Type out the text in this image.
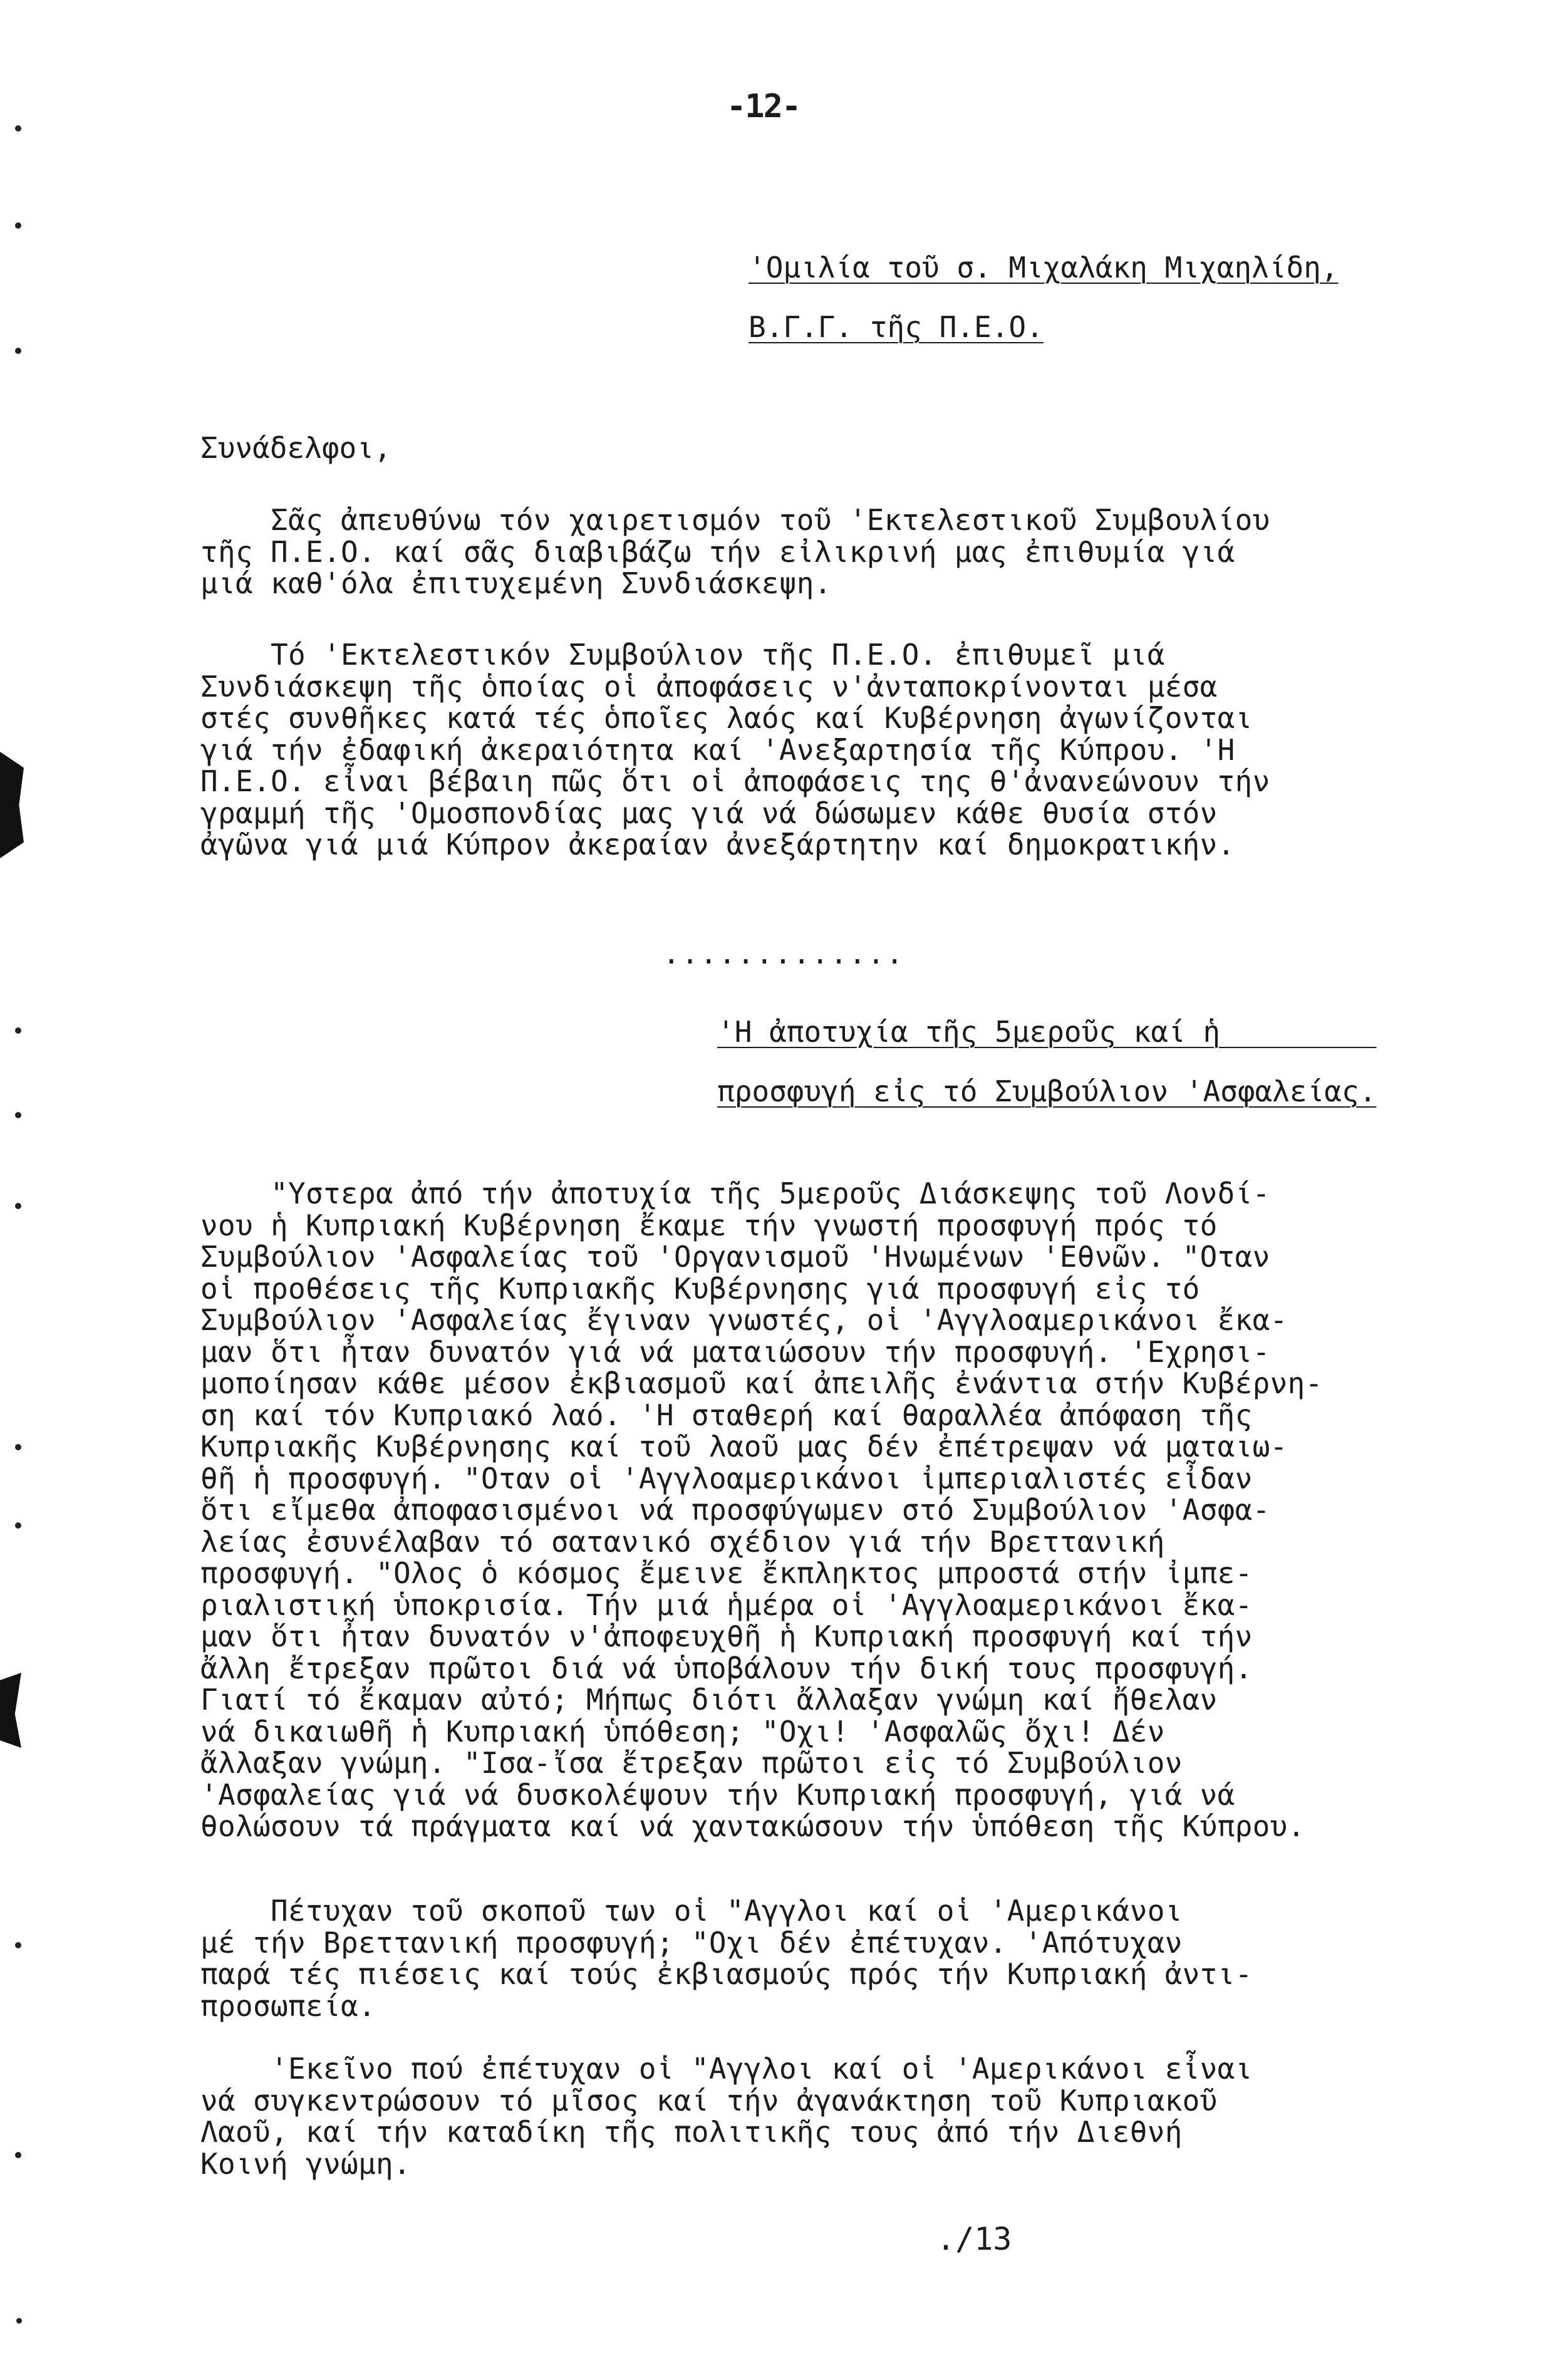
-12-
'Ομιλία τοῦ σ. Μιχαλάκη Μιχαηλίδη,
Β.Γ.Γ. τῆς Π.Ε.Ο.
Συνάδελφοι,
Σᾶς ἀπευθύνω τόν χαιρετισμόν τοῦ 'Εκτελεστικοῦ Συμβουλίου
τῆς Π.Ε.Ο. καί σᾶς διαβιβάζω τήν εἰλικρινή μας ἐπιθυμία γιά
μιά καθ'όλα ἐπιτυχεμένη Συνδιάσκεψη.
Τό 'Εκτελεστικόν Συμβούλιον τῆς Π.Ε.Ο. ἐπιθυμεῖ μιά
Συνδιάσκεψη τῆς ὁποίας οἱ ἀποφάσεις ν'ἀνταποκρίνονται μέσα
στές συνθῆκες κατά τές ὁποῖες λαός καί Κυβέρνηση ἀγωνίζονται
γιά τήν ἐδαφική ἀκεραιότητα καί 'Ανεξαρτησία τῆς Κύπρου. 'Η
Π.Ε.Ο. εἶναι βέβαιη πῶς ὅτι οἱ ἀποφάσεις της θ'ἀνανεώνουν τήν
γραμμή τῆς 'Ομοσπονδίας μας γιά νά δώσωμεν κάθε θυσία στόν
ἀγῶνα γιά μιά Κύπρον ἀκεραίαν ἀνεξάρτητην καί δημοκρατικήν.
.............
'Η ἀποτυχία τῆς 5μεροῦς καί ἡ
προσφυγή εἰς τό Συμβούλιον 'Ασφαλείας.
"Υστερα ἀπό τήν ἀποτυχία τῆς 5μεροῦς Διάσκεψης τοῦ Λονδί-
νου ἡ Κυπριακή Κυβέρνηση ἔκαμε τήν γνωστή προσφυγή πρός τό
Συμβούλιον 'Ασφαλείας τοῦ 'Οργανισμοῦ 'Ηνωμένων 'Εθνῶν. "Οταν
οἱ προθέσεις τῆς Κυπριακῆς Κυβέρνησης γιά προσφυγή εἰς τό
Συμβούλιον 'Ασφαλείας ἔγιναν γνωστές, οἱ 'Αγγλοαμερικάνοι ἔκα-
μαν ὅτι ἦταν δυνατόν γιά νά ματαιώσουν τήν προσφυγή. 'Εχρησι-
μοποίησαν κάθε μέσον ἐκβιασμοῦ καί ἀπειλῆς ἐνάντια στήν Κυβέρνη-
ση καί τόν Κυπριακό λαό. 'Η σταθερή καί θαραλλέα ἀπόφαση τῆς
Κυπριακῆς Κυβέρνησης καί τοῦ λαοῦ μας δέν ἐπέτρεψαν νά ματαιω-
θῆ ἡ προσφυγή. "Οταν οἱ 'Αγγλοαμερικάνοι ἰμπεριαλιστές εἶδαν
ὅτι εἴμεθα ἀποφασισμένοι νά προσφύγωμεν στό Συμβούλιον 'Ασφα-
λείας ἐσυνέλαβαν τό σατανικό σχέδιον γιά τήν Βρεττανική
προσφυγή. "Ολος ὁ κόσμος ἔμεινε ἔκπληκτος μπροστά στήν ἰμπε-
ριαλιστική ὑποκρισία. Τήν μιά ἡμέρα οἱ 'Αγγλοαμερικάνοι ἔκα-
μαν ὅτι ἦταν δυνατόν ν'ἀποφευχθῆ ἡ Κυπριακή προσφυγή καί τήν
ἄλλη ἔτρεξαν πρῶτοι διά νά ὑποβάλουν τήν δική τους προσφυγή.
Γιατί τό ἔκαμαν αὐτό; Μήπως διότι ἄλλαξαν γνώμη καί ἤθελαν
νά δικαιωθῆ ἡ Κυπριακή ὑπόθεση; "Οχι! 'Ασφαλῶς ὄχι! Δέν
ἄλλαξαν γνώμη. "Ισα-ἴσα ἔτρεξαν πρῶτοι εἰς τό Συμβούλιον
'Ασφαλείας γιά νά δυσκολέψουν τήν Κυπριακή προσφυγή, γιά νά
θολώσουν τά πράγματα καί νά χαντακώσουν τήν ὑπόθεση τῆς Κύπρου.
Πέτυχαν τοῦ σκοποῦ των οἱ "Αγγλοι καί οἱ 'Αμερικάνοι
μέ τήν Βρεττανική προσφυγή; "Οχι δέν ἐπέτυχαν. 'Απότυχαν
παρά τές πιέσεις καί τούς ἐκβιασμούς πρός τήν Κυπριακή ἀντι-
προσωπεία.
'Εκεῖνο πού ἐπέτυχαν οἱ "Αγγλοι καί οἱ 'Αμερικάνοι εἶναι
νά συγκεντρώσουν τό μῖσος καί τήν ἀγανάκτηση τοῦ Κυπριακοῦ
Λαοῦ, καί τήν καταδίκη τῆς πολιτικῆς τους ἀπό τήν Διεθνή
Κοινή γνώμη.
./13
